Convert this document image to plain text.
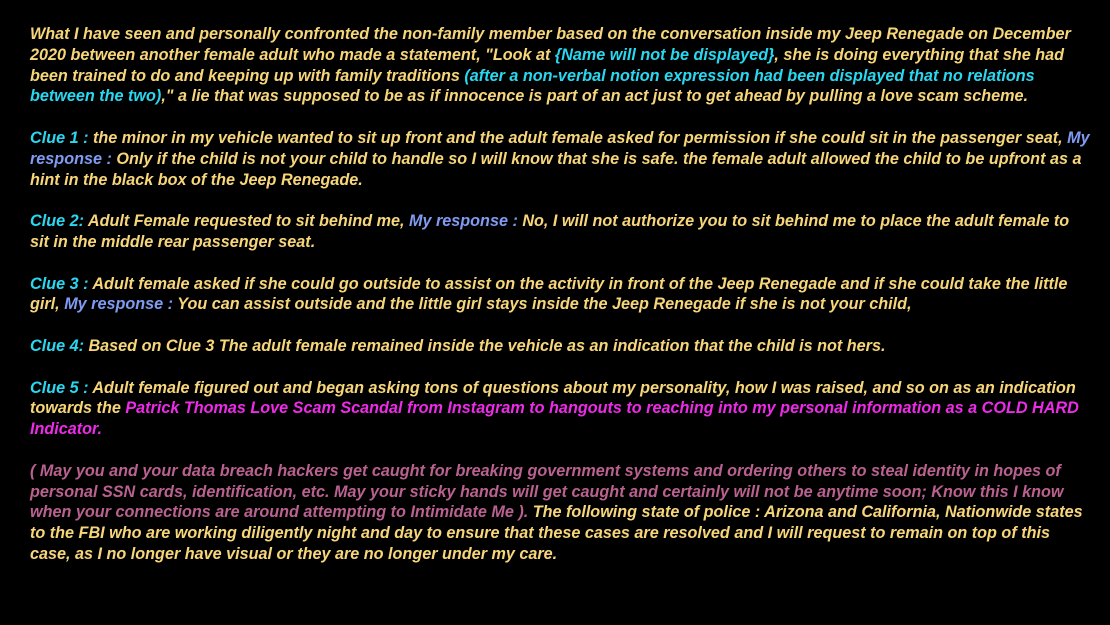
What I have seen and personally confronted the non-family member based on the conversation inside my Jeep Renegade on December 2020 between another female adult who made a statement, "Look at {Name will not be displayed}, she is doing everything that she had been trained to do and keeping up with family traditions (after a non-verbal notion expression had been displayed that no relations between the two)," a lie that was supposed to be as if innocence is part of an act just to get ahead by pulling a love scam scheme.

Clue 1 : the minor in my vehicle wanted to sit up front and the adult female asked for permission if she could sit in the passenger seat, My response : Only if the child is not your child to handle so I will know that she is safe. the female adult allowed the child to be upfront as a hint in the black box of the Jeep Renegade.

Clue 2: Adult Female requested to sit behind me, My response : No, I will not authorize you to sit behind me to place the adult female to sit in the middle rear passenger seat.

Clue 3 : Adult female asked if she could go outside to assist on the activity in front of the Jeep Renegade and if she could take the little girl, My response : You can assist outside and the little girl stays inside the Jeep Renegade if she is not your child,

Clue 4: Based on Clue 3 The adult female remained inside the vehicle as an indication that the child is not hers.

Clue 5 : Adult female figured out and began asking tons of questions about my personality, how I was raised, and so on as an indication towards the Patrick Thomas Love Scam Scandal from Instagram to hangouts to reaching into my personal information as a COLD HARD Indicator.

( May you and your data breach hackers get caught for breaking government systems and ordering others to steal identity in hopes of personal SSN cards, identification, etc. May your sticky hands will get caught and certainly will not be anytime soon; Know this I know when your connections are around attempting to Intimidate Me ). The following state of police : Arizona and California, Nationwide states to the FBI who are working diligently night and day to ensure that these cases are resolved and I will request to remain on top of this case, as I no longer have visual or they are no longer under my care.
